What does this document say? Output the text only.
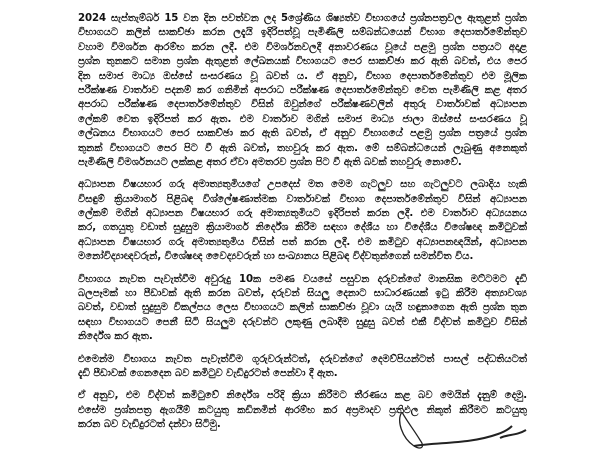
2024 සැප්තැම්බර් 15 වන දින පවත්වන ලද 5ශ්‍රේණිය ශිෂ්‍යත්ව විභාගයේ ප්‍රශ්නපත්‍රවල ඇතුළත් ප්‍රශ්න
විභාගයට කලින් සාකච්ඡා කරන ලදැයි ඉදිරිපත්වූ පැමිණිලි සම්බන්ධයෙන් විභාග දෙපාර්තමේන්තුව
වහාම විමර්ශන ආරම්භ කරන ලදී. එම විමර්ශනවලදී අනාවරණය වූයේ පළමු ප්‍රශ්න පත්‍රයට අදාළ
ප්‍රශ්න තුනකට සමාන ප්‍රශ්න ඇතුළත් ලේඛනයක් විභාගයට පෙර සාකච්ඡා කර ඇති බවත්, එය පෙර
දින සමාජ මාධ්‍ය ඔස්සේ සංසරණය වූ බවත් ය. ඒ අනුව, විභාග දෙපාර්තමේන්තුව එම මූලික
පරීක්ෂණ වාර්තාව පදනම් කර ගනිමින් අපරාධ පරීක්ෂණ දෙපාර්තමේන්තුව වෙත පැමිණිලි කළ අතර
අපරාධ පරීක්ෂණ දෙපාර්තමේන්තුව විසින් ඔවුන්ගේ පරීක්ෂණවලින් අතුරු වාර්තාවක් අධ්‍යාපන
ලේකම් වෙත ඉදිරිපත් කර ඇත. එම වාර්තාව මගින් සමාජ මාධ්‍ය ජාලා ඔස්සේ සංසරණය වූ
ලේඛනය විභාගයට පෙර සාකච්ඡා කර ඇති බවත්, ඒ අනුව විභාගයේ පළමු ප්‍රශ්න පත්‍රයේ ප්‍රශ්න
තුනක් විභාගයට පෙර පිට වී ඇති බවත්, තහවුරු කර ඇත. මේ සම්බන්ධයෙන් ලැබුණු අනෙකුත්
පැමිණිලි විමර්ශනයට ලක්කළ අතර ඒවා අමතරව ප්‍රශ්න පිට වී ඇති බවක් තහවුරු නොවේ.
අධ්‍යාපන විෂයභාර ගරු අමාත්‍යතුමියගේ උපදෙස් මත මෙම ගැටලුව සහ ගැටලුවට ලබාදිය හැකි
විසඳුම් ක්‍රියාමාර්ග පිළිබඳ විශ්ලේෂණාත්මක වාර්තාවක් විභාග දෙපාර්තමේන්තුව විසින් අධ්‍යාපන
ලේකම් මගින් අධ්‍යාපන විෂයභාර ගරු අමාත්‍යතුමියට ඉදිරිපත් කරන ලදී. එම වාර්තාව අධ්‍යයනය
කර, ගතයුතු වඩාත් සුදුසුම ක්‍රියාමාර්ග නිර්දේශ කිරීම සඳහා දේශීය හා විදේශීය විශේෂඥ කමිටුවක්
අධ්‍යාපන විෂයභාර ගරු අමාත්‍යතුමිය විසින් පත් කරන ලදී. එම කමිටුව අධ්‍යාපනඥයින්, අධ්‍යාපන
මනෝවිද්‍යාඥවරුන්, විශේෂඥ වෛද්‍යවරුන් හා සංඛ්‍යානය පිළිබඳ විද්වතුන්ගෙන් සමන්විත විය.
විභාගය නැවත පැවැත්වීම අවුරුදු 10ක පමණ වයසේ පසුවන දරුවන්ගේ මානසික මට්ටමට දැඩි
බලපෑමක් හා පීඩාවක් ඇති කරන බවත්, දරුවන් සියලු දෙනාට සාධාරණයක් ඉටු කිරීම අත්‍යාවශ්‍ය
බවත්, වඩාත් සුදුසුම විකල්පය ලෙස විභාගයට කලින් සාකච්ඡා වූවා යැයි හඳුනාගෙන ඇති ප්‍රශ්න තුන
සඳහා විභාගයට පෙනී සිටි සියලුම දරුවන්ට ලකුණු ලබාදීම සුදුසු බවත් එකී විද්වත් කමිටුව විසින්
නිර්දේශ කර ඇත.
එමෙන්ම විභාගය නැවත පැවැත්වීම ගුරුවරුන්ටත්, දරුවන්ගේ දෙමව්පියන්ටත් පාසල් පද්ධතියටත්
දැඩි පීඩාවක් ගෙනදෙන බව කමිටුව වැඩිදුරටත් පෙන්වා දී ඇත.
ඒ අනුව, එම විද්වත් කමිටුවේ නිර්දේශ පරිදි ක්‍රියා කිරීමට තීරණය කළ බව මෙයින් දැනුම් දෙමු.
එසේම ප්‍රශ්නපත්‍ර ඇගයීම් කටයුතු කඩිනමින් ආරම්භ කර අප්‍රමාදව ප්‍රතිඵල නිකුත් කිරීමට කටයුතු
කරන බව වැඩිදුරටත් දන්වා සිටිමු.
